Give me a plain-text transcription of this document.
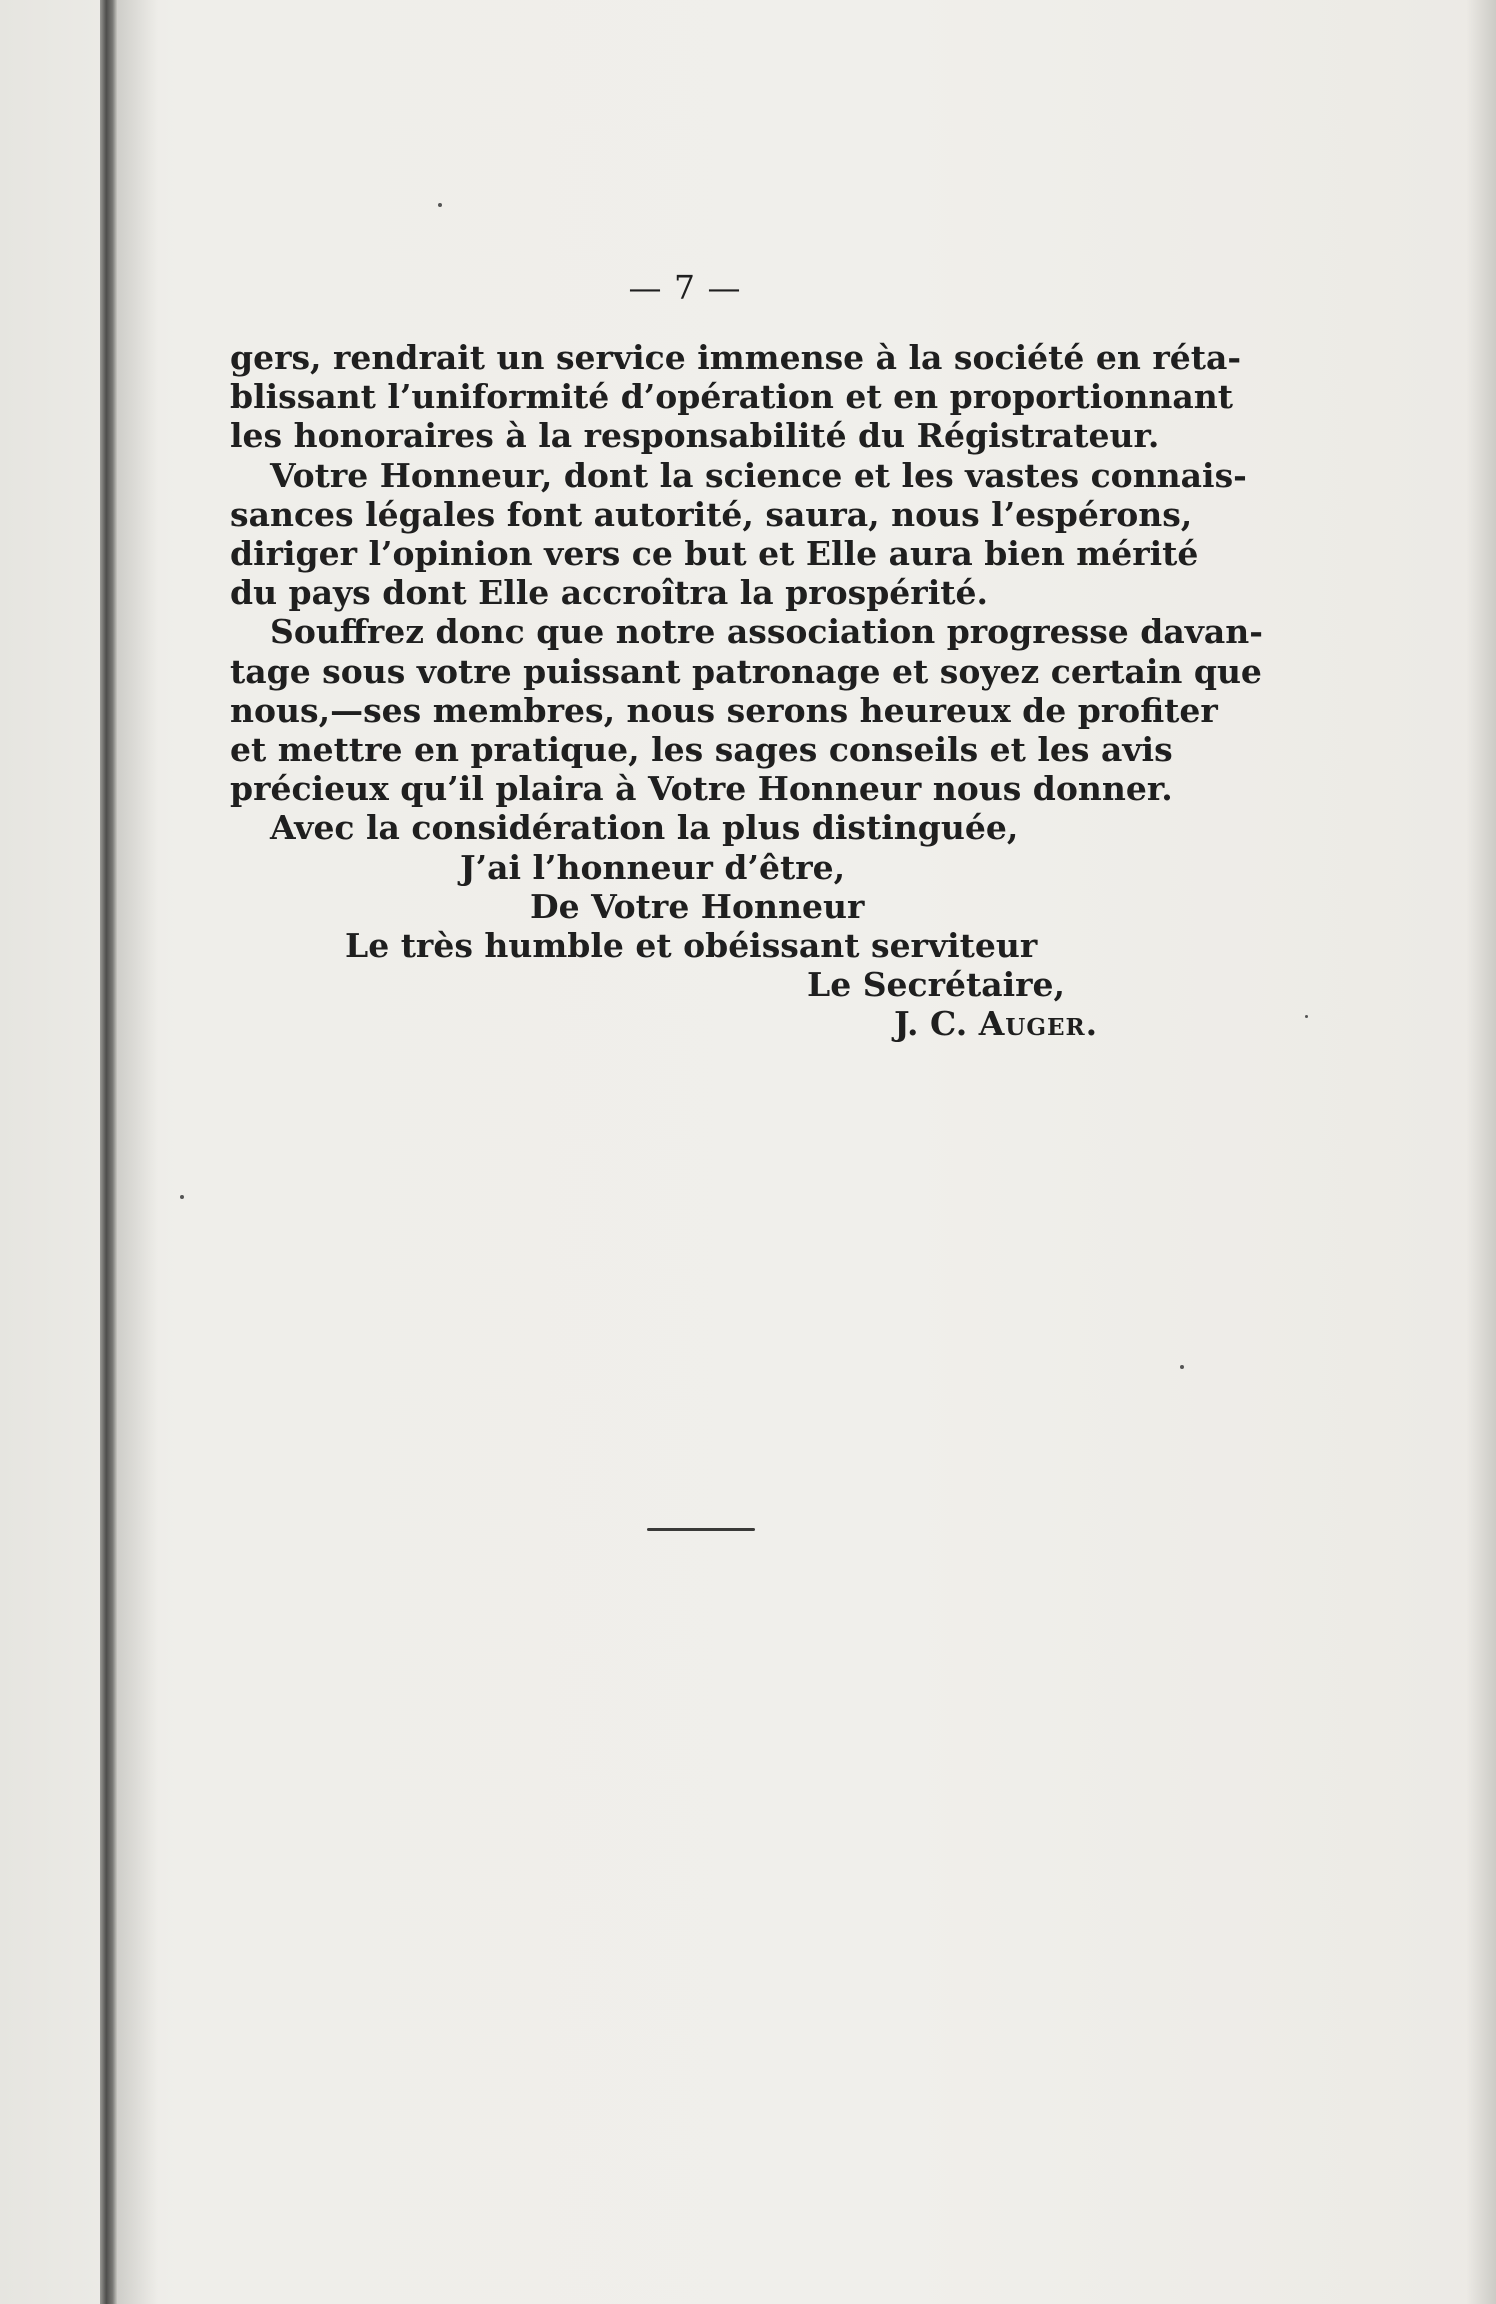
— 7 —
gers, rendrait un service immense à la société en réta-
blissant l’uniformité d’opération et en proportionnant
les honoraires à la responsabilité du Régistrateur.
Votre Honneur, dont la science et les vastes connais-
sances légales font autorité, saura, nous l’espérons,
diriger l’opinion vers ce but et Elle aura bien mérité
du pays dont Elle accroîtra la prospérité.
Souffrez donc que notre association progresse davan-
tage sous votre puissant patronage et soyez certain que
nous,—ses membres, nous serons heureux de profiter
et mettre en pratique, les sages conseils et les avis
précieux qu’il plaira à Votre Honneur nous donner.
Avec la considération la plus distinguée,
J’ai l’honneur d’être,
De Votre Honneur
Le très humble et obéissant serviteur
Le Secrétaire,
J. C. Auger.
